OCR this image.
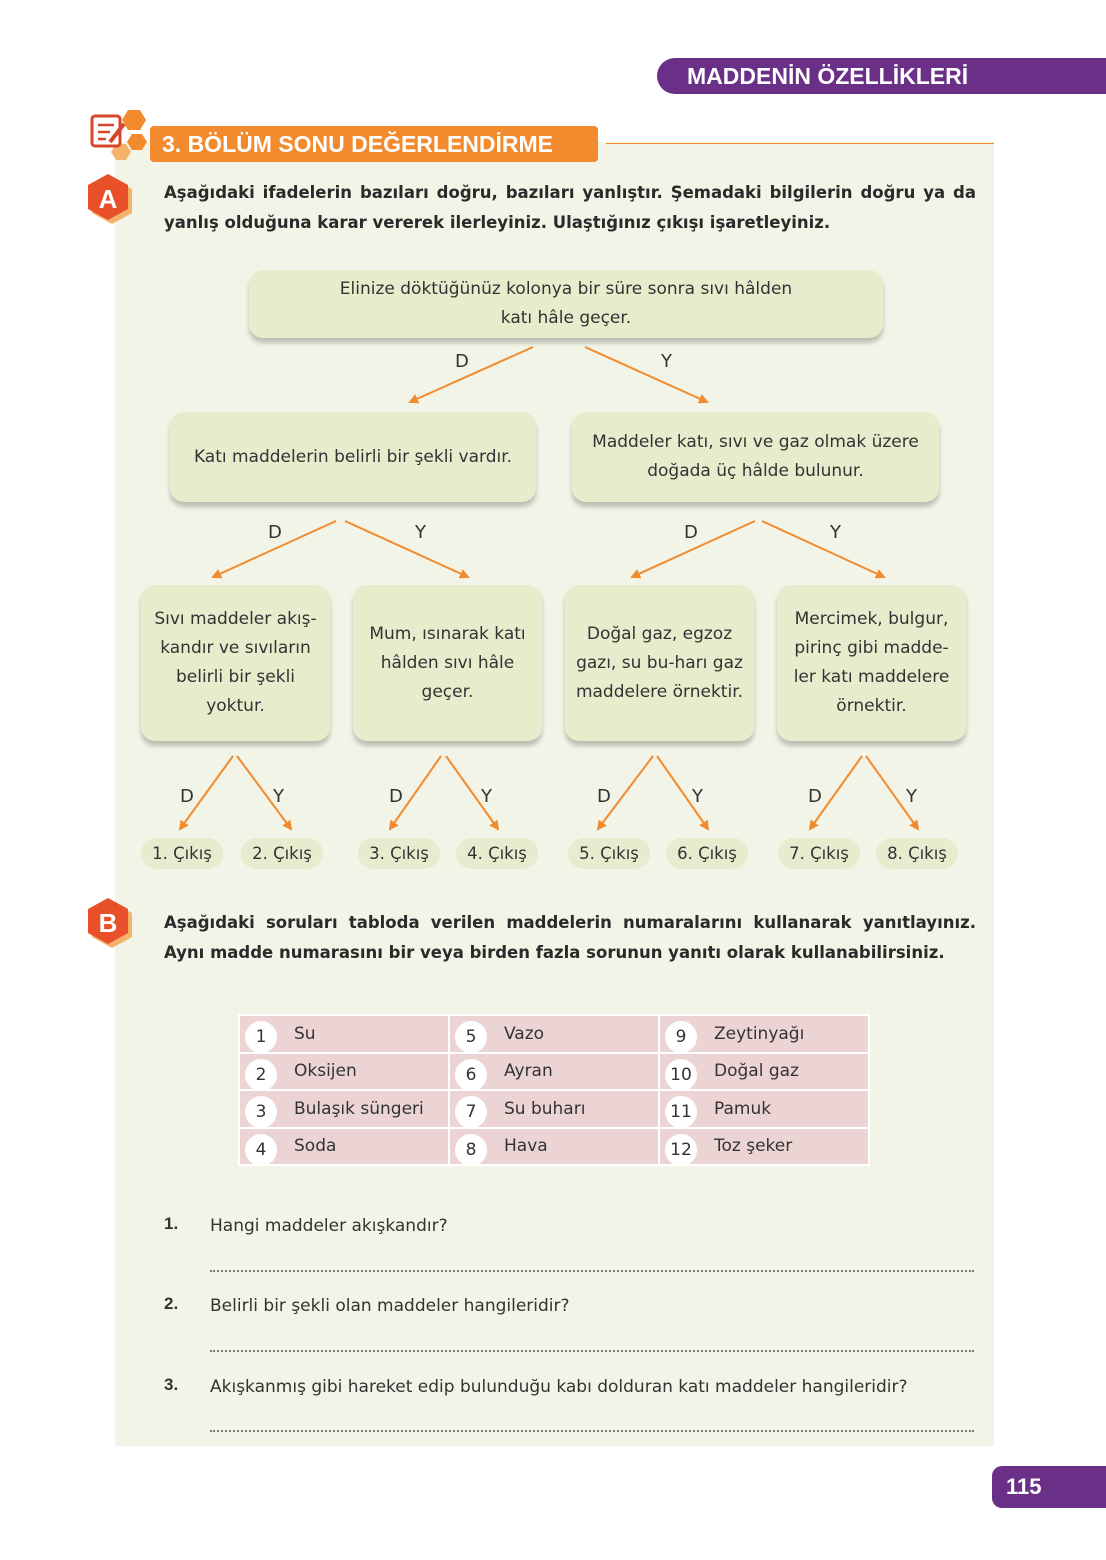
MADDENİN ÖZELLİKLERİ
3. BÖLÜM SONU DEĞERLENDİRME
A	Aşağıdaki ifadelerin bazıları doğru, bazıları yanlıştır. Şemadaki bilgilerin doğru ya da yanlış olduğuna karar vererek ilerleyiniz. Ulaştığınız çıkışı işaretleyiniz.
Elinize döktüğünüz kolonya bir süre sonra sıvı hâlden katı hâle geçer.
Katı maddelerin belirli bir şekli vardır.
Maddeler katı, sıvı ve gaz olmak üzere doğada üç hâlde bulunur.
Sıvı maddeler akış-kandır ve sıvıların belirli bir şekli yoktur.
Mum, ısınarak katı hâlden sıvı hâle geçer.
Doğal gaz, egzoz gazı, su bu-harı gaz maddelere örnektir.
Mercimek, bulgur, pirinç gibi madde-ler katı maddelere örnektir.
D	Y
D	Y	D	Y
D	Y	D	Y	D	Y	D	Y
1. Çıkış	2. Çıkış	3. Çıkış	4. Çıkış	5. Çıkış	6. Çıkış	7. Çıkış	8. Çıkış
B	Aşağıdaki soruları tabloda verilen maddelerin numaralarını kullanarak yanıtlayınız. Aynı madde numarasını bir veya birden fazla sorunun yanıtı olarak kullanabilirsiniz.
1 Su	5 Vazo	9 Zeytinyağı

2 Oksijen	6 Ayran	10 Doğal gaz

3 Bulaşık süngeri	7 Su buharı	11 Pamuk

4 Soda	8 Hava	12 Toz şeker
1. Hangi maddeler akışkandır?
2. Belirli bir şekli olan maddeler hangileridir?
3. Akışkanmış gibi hareket edip bulunduğu kabı dolduran katı maddeler hangileridir?
115
